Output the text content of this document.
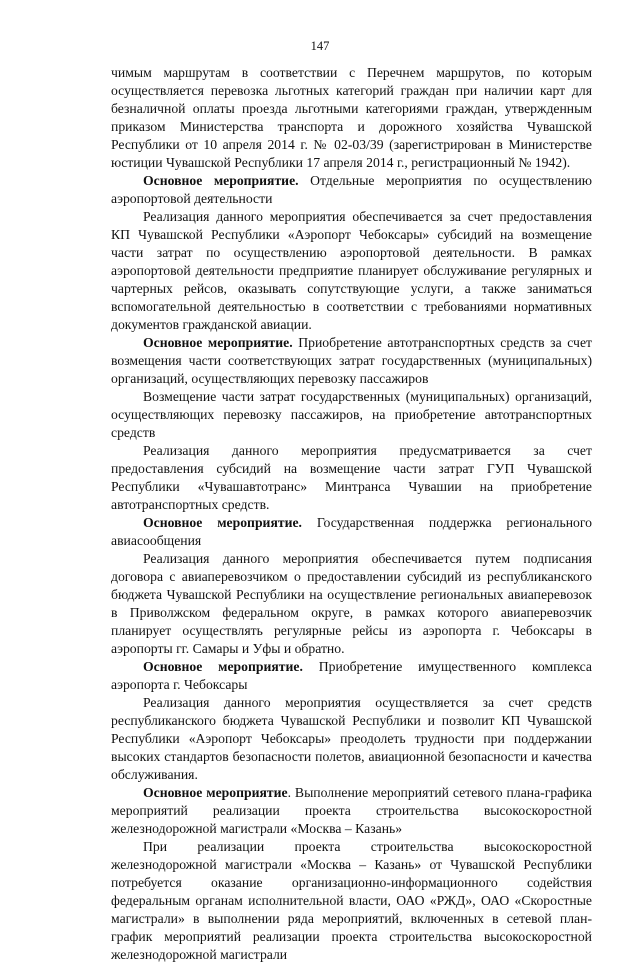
147

чимым маршрутам в соответствии с Перечнем маршрутов, по которым осуществляется перевозка льготных категорий граждан при наличии карт для безналичной оплаты проезда льготными категориями граждан, утвержденным приказом Министерства транспорта и дорожного хозяйства Чувашской Республики от 10 апреля 2014 г. № 02-03/39 (зарегистрирован в Министерстве юстиции Чувашской Республики 17 апреля 2014 г., регистрационный № 1942).

Основное мероприятие. Отдельные мероприятия по осуществлению аэропортовой деятельности

Реализация данного мероприятия обеспечивается за счет предоставления КП Чувашской Республики «Аэропорт Чебоксары» субсидий на возмещение части затрат по осуществлению аэропортовой деятельности. В рамках аэропортовой деятельности предприятие планирует обслуживание регулярных и чартерных рейсов, оказывать сопутствующие услуги, а также заниматься вспомогательной деятельностью в соответствии с требованиями нормативных документов гражданской авиации.

Основное мероприятие. Приобретение автотранспортных средств за счет возмещения части соответствующих затрат государственных (муниципальных) организаций, осуществляющих перевозку пассажиров

Возмещение части затрат государственных (муниципальных) организаций, осуществляющих перевозку пассажиров, на приобретение автотранспортных средств

Реализация данного мероприятия предусматривается за счет предоставления субсидий на возмещение части затрат ГУП Чувашской Республики «Чувашавтотранс» Минтранса Чувашии на приобретение автотранспортных средств.

Основное мероприятие. Государственная поддержка регионального авиасообщения

Реализация данного мероприятия обеспечивается путем подписания договора с авиаперевозчиком о предоставлении субсидий из республиканского бюджета Чувашской Республики на осуществление региональных авиаперевозок в Приволжском федеральном округе, в рамках которого авиаперевозчик планирует осуществлять регулярные рейсы из аэропорта г. Чебоксары в аэропорты гг. Самары и Уфы и обратно.

Основное мероприятие. Приобретение имущественного комплекса аэропорта г. Чебоксары

Реализация данного мероприятия осуществляется за счет средств республиканского бюджета Чувашской Республики и позволит КП Чувашской Республики «Аэропорт Чебоксары» преодолеть трудности при поддержании высоких стандартов безопасности полетов, авиационной безопасности и качества обслуживания.

Основное мероприятие. Выполнение мероприятий сетевого плана-графика мероприятий реализации проекта строительства высокоскоростной железнодорожной магистрали «Москва – Казань»

При реализации проекта строительства высокоскоростной железнодорожной магистрали «Москва – Казань» от Чувашской Республики потребуется оказание организационно-информационного содействия федеральным органам исполнительной власти, ОАО «РЖД», ОАО «Скоростные магистрали» в выполнении ряда мероприятий, включенных в сетевой план-график мероприятий реализации проекта строительства высокоскоростной железнодорожной магистрали
